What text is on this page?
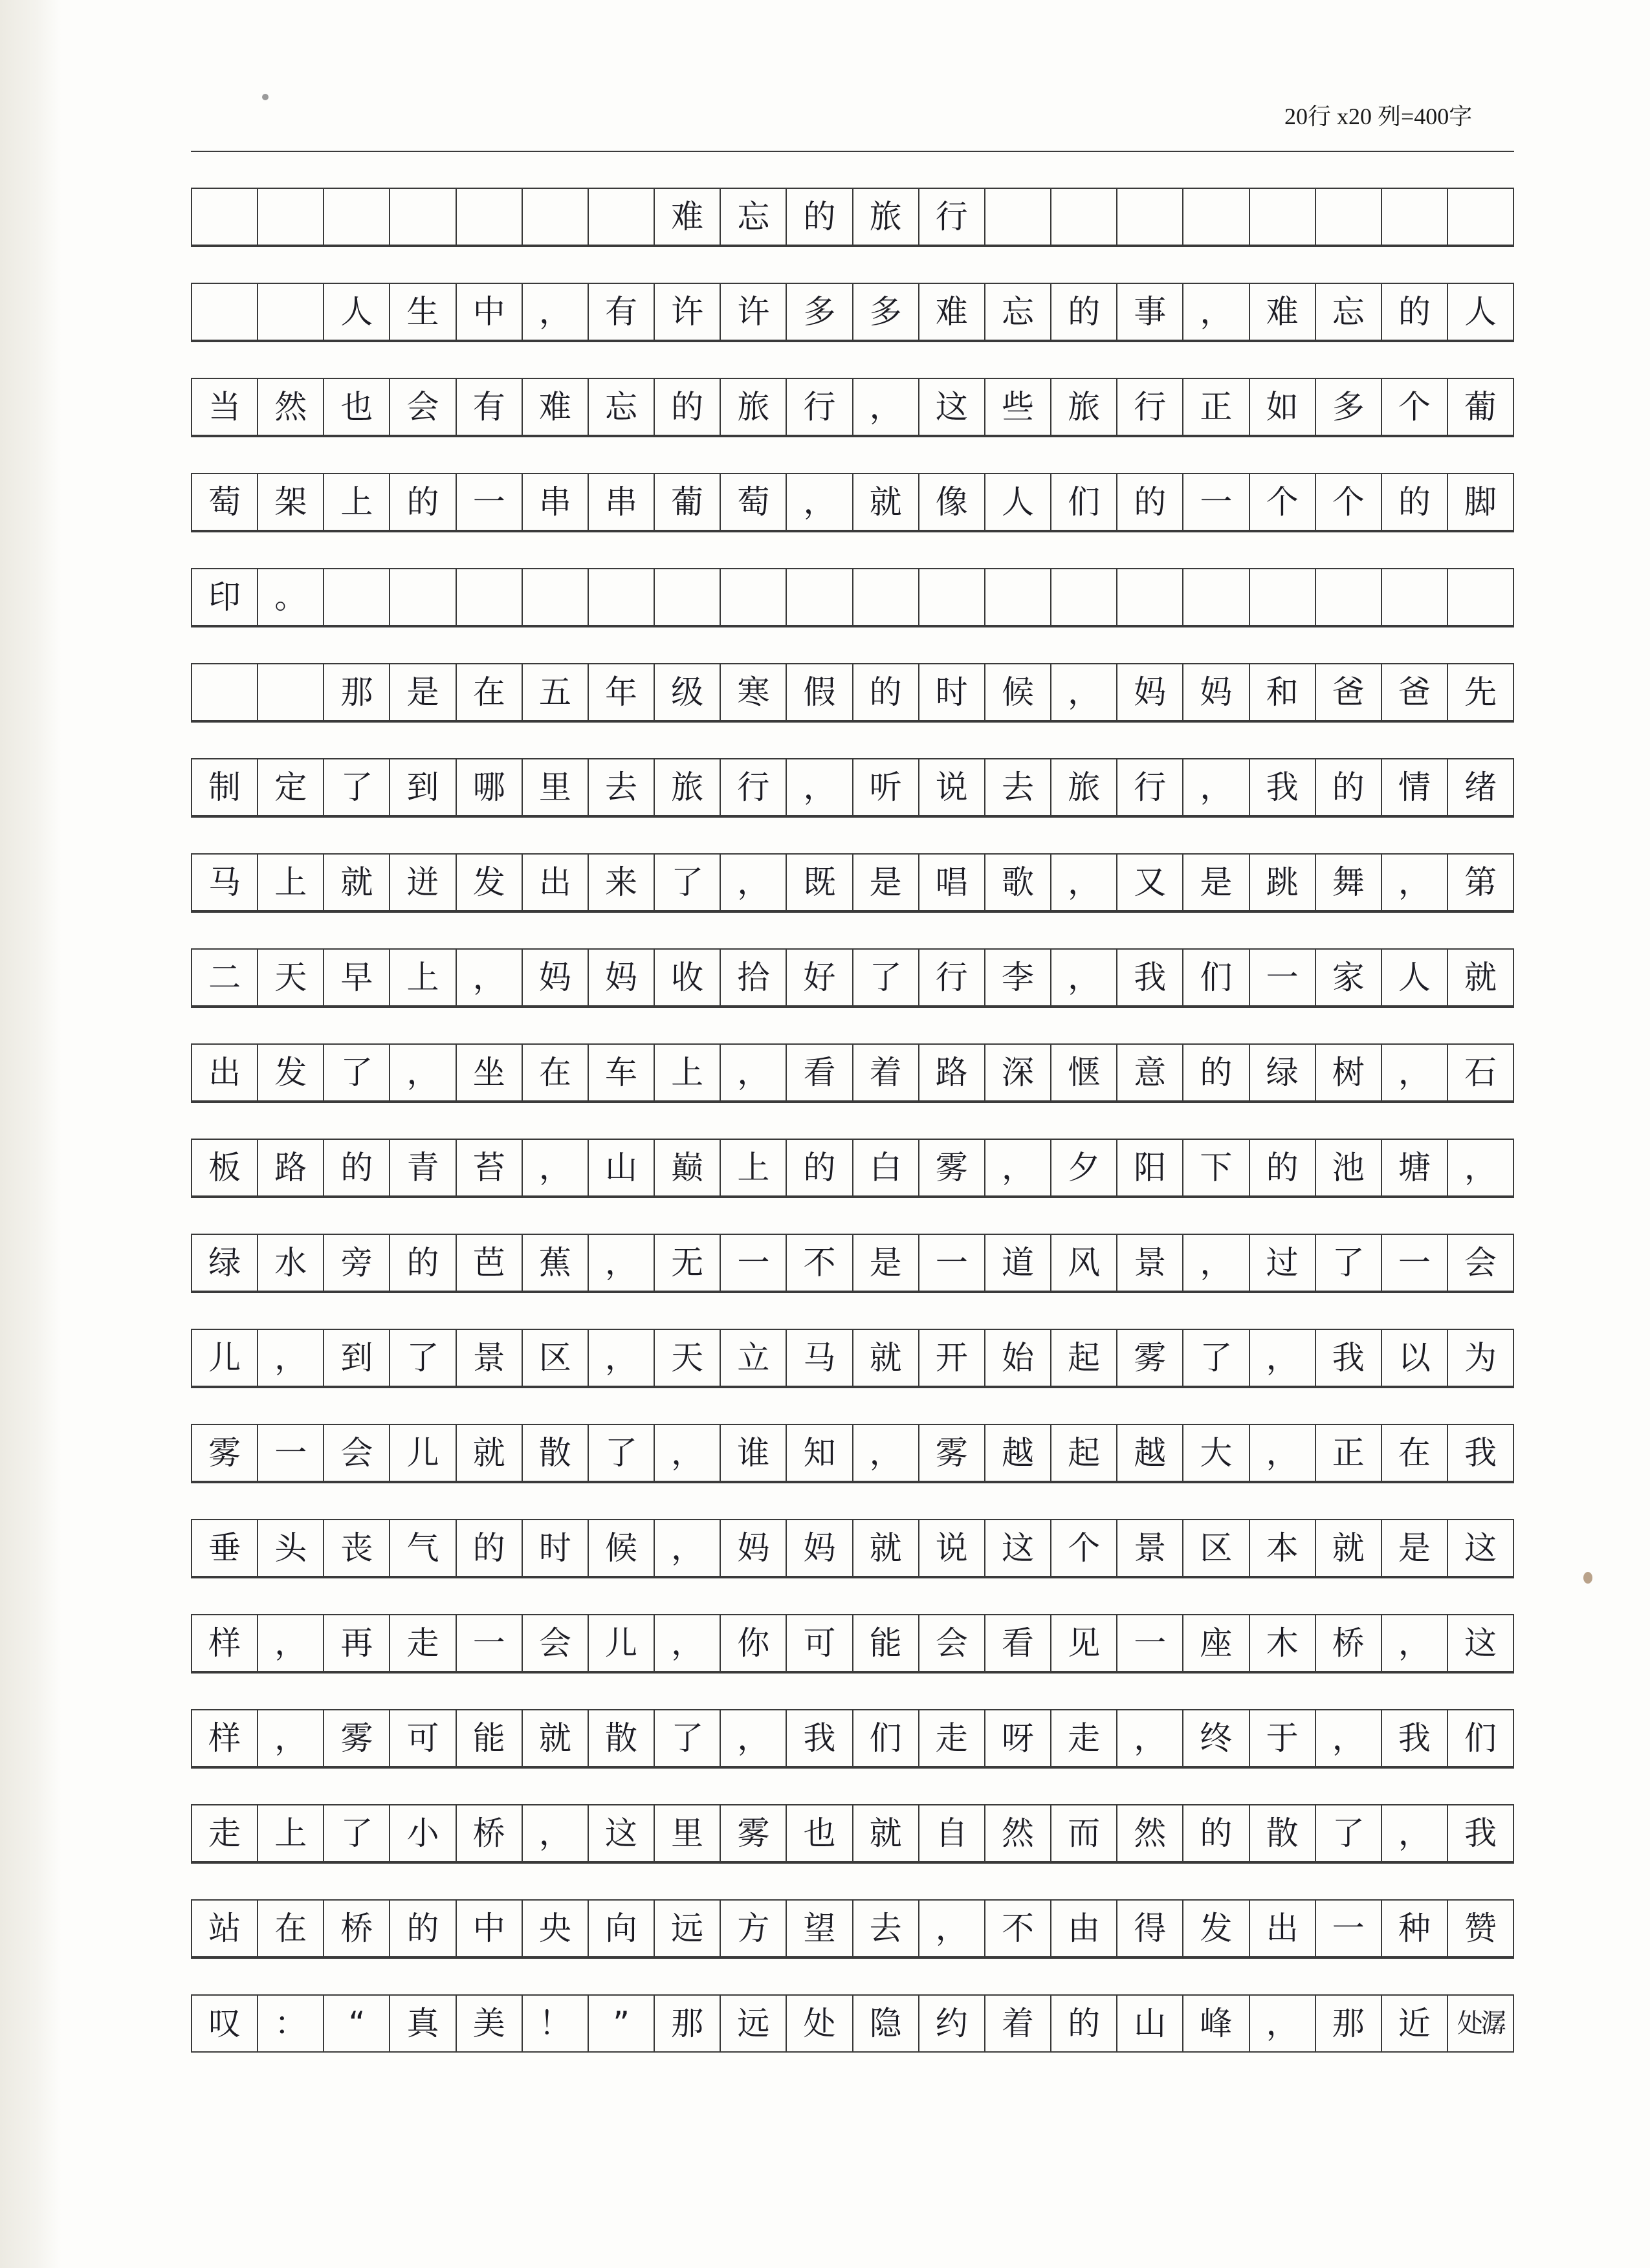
20行 x20 列=400字
难	忘	的	旅	行
人	生	中	，	有	许	许	多	多	难	忘	的	事	，	难	忘	的	人
当	然	也	会	有	难	忘	的	旅	行	，	这	些	旅	行	正	如	多	个	葡
萄	架	上	的	一	串	串	葡	萄	，	就	像	人	们	的	一	个	个	的	脚
印	。
那	是	在	五	年	级	寒	假	的	时	候	，	妈	妈	和	爸	爸	先
制	定	了	到	哪	里	去	旅	行	，	听	说	去	旅	行	，	我	的	情	绪
马	上	就	迸	发	出	来	了	，	既	是	唱	歌	，	又	是	跳	舞	，	第
二	天	早	上	，	妈	妈	收	拾	好	了	行	李	，	我	们	一	家	人	就
出	发	了	，	坐	在	车	上	，	看	着	路	深	惬	意	的	绿	树	，	石
板	路	的	青	苔	，	山	巅	上	的	白	雾	，	夕	阳	下	的	池	塘	，
绿	水	旁	的	芭	蕉	，	无	一	不	是	一	道	风	景	，	过	了	一	会
儿	，	到	了	景	区	，	天	立	马	就	开	始	起	雾	了	，	我	以	为
雾	一	会	儿	就	散	了	，	谁	知	，	雾	越	起	越	大	，	正	在	我
垂	头	丧	气	的	时	候	，	妈	妈	就	说	这	个	景	区	本	就	是	这
样	，	再	走	一	会	儿	，	你	可	能	会	看	见	一	座	木	桥	，	这
样	，	雾	可	能	就	散	了	，	我	们	走	呀	走	，	终	于	，	我	们
走	上	了	小	桥	，	这	里	雾	也	就	自	然	而	然	的	散	了	，	我
站	在	桥	的	中	央	向	远	方	望	去	，	不	由	得	发	出	一	种	赞
叹	：	“	真	美	！	”	那	远	处	隐	约	着	的	山	峰	，	那	近	处 潺
